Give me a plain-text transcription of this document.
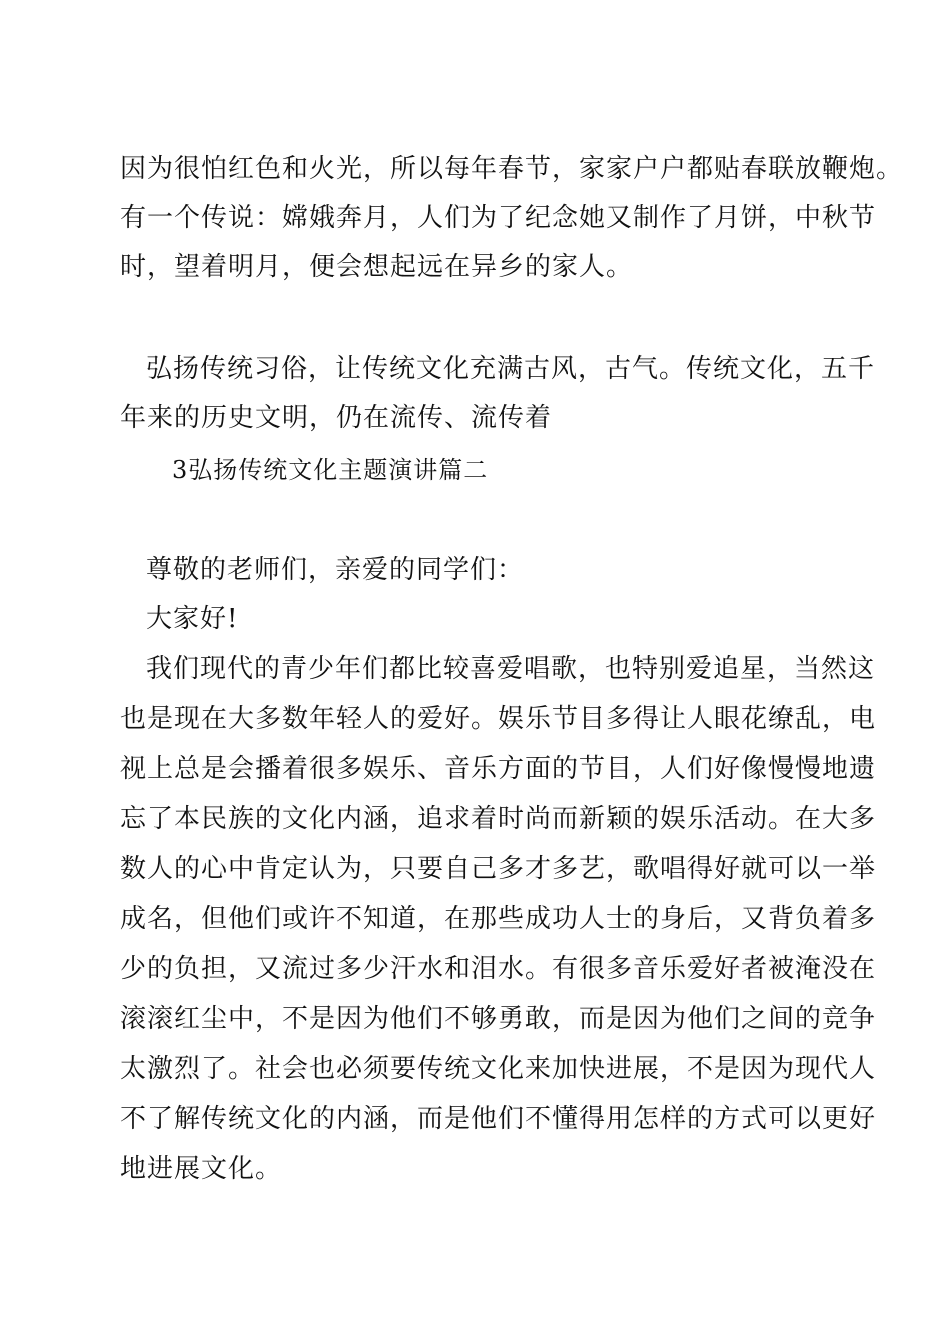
因为很怕红色和火光，所以每年春节，家家户户都贴春联放鞭炮。
有一个传说：嫦娥奔月，人们为了纪念她又制作了月饼，中秋节
时，望着明月，便会想起远在异乡的家人。
弘扬传统习俗，让传统文化充满古风，古气。传统文化，五千
年来的历史文明，仍在流传、流传着
3弘扬传统文化主题演讲篇二
尊敬的老师们，亲爱的同学们：
大家好!
我们现代的青少年们都比较喜爱唱歌，也特别爱追星，当然这
也是现在大多数年轻人的爱好。娱乐节目多得让人眼花缭乱，电
视上总是会播着很多娱乐、音乐方面的节目，人们好像慢慢地遗
忘了本民族的文化内涵，追求着时尚而新颖的娱乐活动。在大多
数人的心中肯定认为，只要自己多才多艺，歌唱得好就可以一举
成名，但他们或许不知道，在那些成功人士的身后，又背负着多
少的负担，又流过多少汗水和泪水。有很多音乐爱好者被淹没在
滚滚红尘中，不是因为他们不够勇敢，而是因为他们之间的竞争
太激烈了。社会也必须要传统文化来加快进展，不是因为现代人
不了解传统文化的内涵，而是他们不懂得用怎样的方式可以更好
地进展文化。
